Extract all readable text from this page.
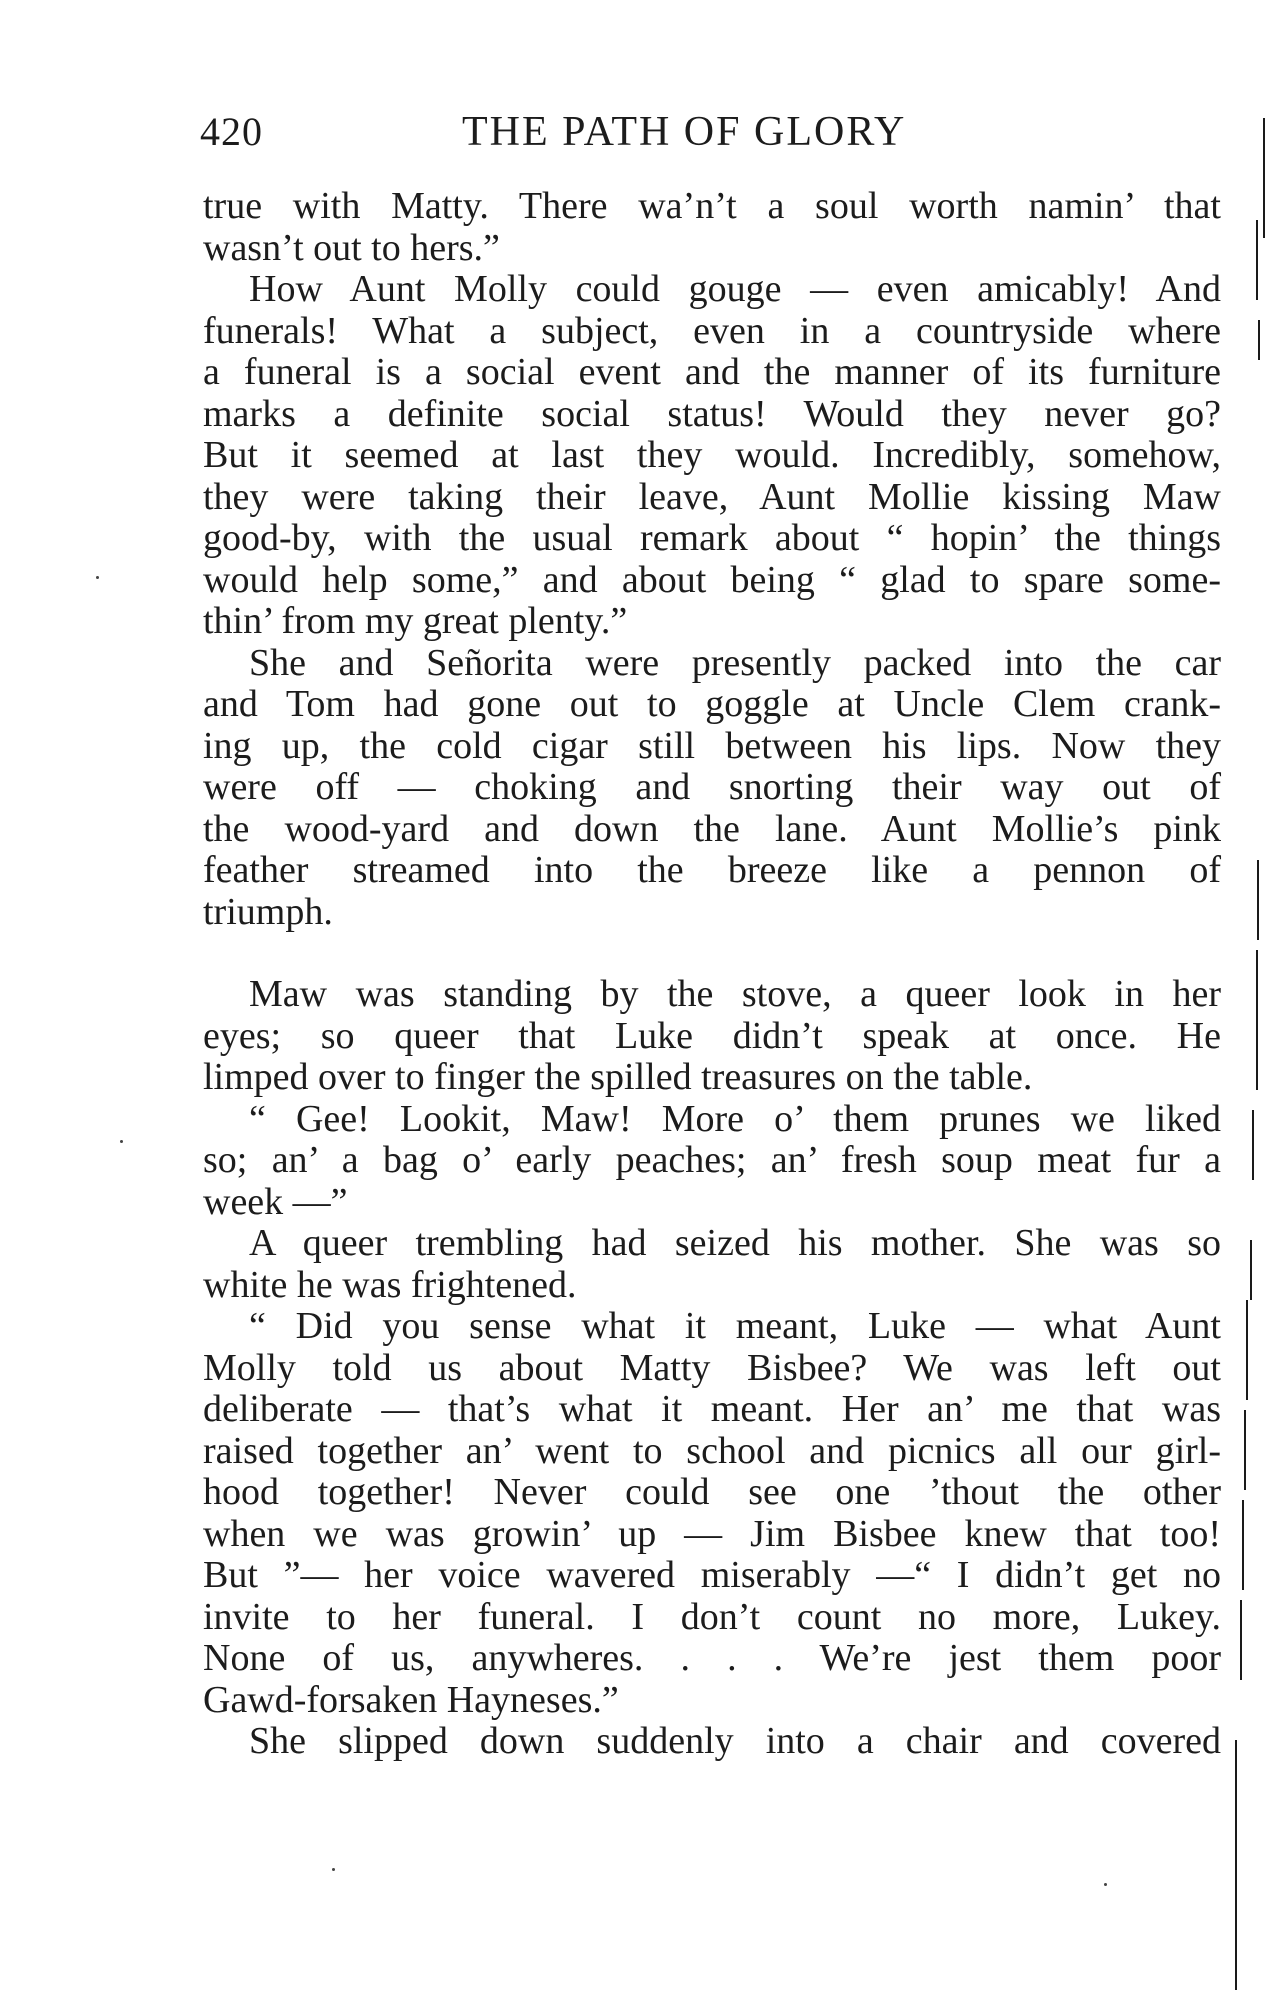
420	THE PATH OF GLORY
true with Matty. There wa’n’t a soul worth namin’ that
wasn’t out to hers.”
How Aunt Molly could gouge — even amicably! And
funerals! What a subject, even in a countryside where
a funeral is a social event and the manner of its furniture
marks a definite social status! Would they never go?
But it seemed at last they would. Incredibly, somehow,
they were taking their leave, Aunt Mollie kissing Maw
good-by, with the usual remark about “ hopin’ the things
would help some,” and about being “ glad to spare some-
thin’ from my great plenty.”
She and Señorita were presently packed into the car
and Tom had gone out to goggle at Uncle Clem crank-
ing up, the cold cigar still between his lips. Now they
were off — choking and snorting their way out of
the wood-yard and down the lane. Aunt Mollie’s pink
feather streamed into the breeze like a pennon of
triumph.
Maw was standing by the stove, a queer look in her
eyes; so queer that Luke didn’t speak at once. He
limped over to finger the spilled treasures on the table.
“ Gee! Lookit, Maw! More o’ them prunes we liked
so; an’ a bag o’ early peaches; an’ fresh soup meat fur a
week —”
A queer trembling had seized his mother. She was so
white he was frightened.
“ Did you sense what it meant, Luke — what Aunt
Molly told us about Matty Bisbee? We was left out
deliberate — that’s what it meant. Her an’ me that was
raised together an’ went to school and picnics all our girl-
hood together! Never could see one ’thout the other
when we was growin’ up — Jim Bisbee knew that too!
But ”— her voice wavered miserably —“ I didn’t get no
invite to her funeral. I don’t count no more, Lukey.
None of us, anywheres. . . . We’re jest them poor
Gawd-forsaken Hayneses.”
She slipped down suddenly into a chair and covered
